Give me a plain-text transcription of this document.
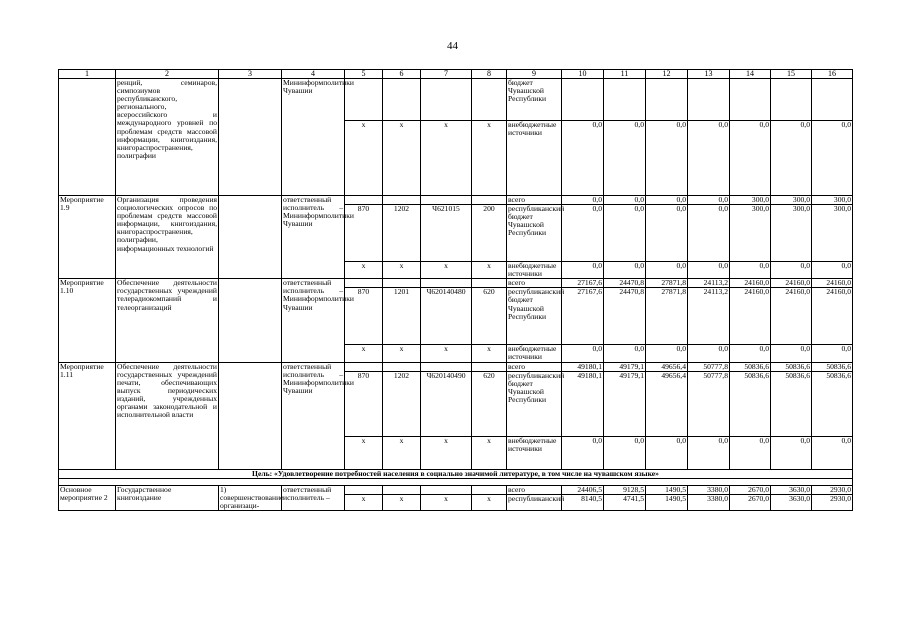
44
1	2	3	4	5	6	7	8	9	10	11	12	13	14	15	16
	ренций, семинаров, симпозиумов республиканского, регионального, всероссийского и международного уровней по проблемам средств массовой информации, книгоиздания, книгораспространения, полиграфии		Мининформполитики Чувашии					бюджет Чувашской Республики							
				х	х	х	х	внебюджетные источники	0,0	0,0	0,0	0,0	0,0	0,0	0,0
Мероприятие 1.9	Организация проведения социологических опросов по проблемам средств массовой информации, книгоиздания, книгораспространения, полиграфии, информационных технологий		ответственный исполнитель – Мининформполитики Чувашии					всего	0,0	0,0	0,0	0,0	300,0	300,0	300,0
				870	1202	Ч621015	200	республиканский бюджет Чувашской Республики	0,0	0,0	0,0	0,0	300,0	300,0	300,0
				х	х	х	х	внебюджетные источники	0,0	0,0	0,0	0,0	0,0	0,0	0,0
Мероприятие 1.10	Обеспечение деятельности государственных учреждений телерадиокомпаний и телеорганизаций		ответственный исполнитель – Мининформполитики Чувашии					всего	27167,6	24470,8	27871,8	24113,2	24160,0	24160,0	24160,0
				870	1201	Ч620140480	620	республиканский бюджет Чувашской Республики	27167,6	24470,8	27871,8	24113,2	24160,0	24160,0	24160,0
				х	х	х	х	внебюджетные источники	0,0	0,0	0,0	0,0	0,0	0,0	0,0
Мероприятие 1.11	Обеспечение деятельности государственных учреждений печати, обеспечивающих выпуск периодических изданий, учрежденных органами законодательной и исполнительной власти		ответственный исполнитель – Мининформполитики Чувашии					всего	49180,1	49179,1	49656,4	50777,8	50836,6	50836,6	50836,6
				870	1202	Ч620140490	620	республиканский бюджет Чувашской Республики	49180,1	49179,1	49656,4	50777,8	50836,6	50836,6	50836,6
				х	х	х	х	внебюджетные источники	0,0	0,0	0,0	0,0	0,0	0,0	0,0
Цель: «Удовлетворение потребностей населения в социально значимой литературе, в том числе на чувашском языке»															

Основное мероприятие 2	Государственное книгоиздание	1) совершенствование организаци-	ответственный исполнитель –					всего	24406,5	9128,5	1490,5	3380,0	2670,0	3630,0	2930,0
				х	х	х	х	республиканский	8140,5	4741,5	1490,5	3380,0	2670,0	3630,0	2930,0
